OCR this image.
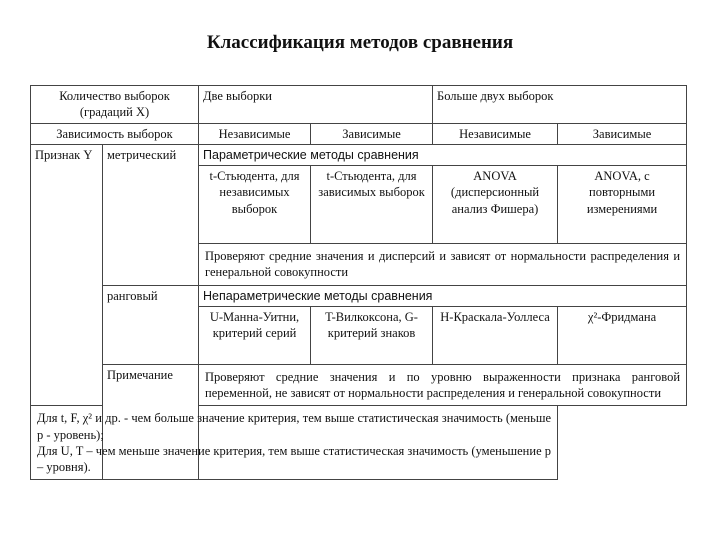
Классификация методов сравнения
Количество выборок (градаций Х)		Две выборки		Больше двух выборок	
Зависимость выборок		Независимые	Зависимые	Независимые	Зависимые
Признак Y	метрический	Параметрические методы сравнения			
		t-Стьюдента, для независимых выборок	t-Стьюдента, для зависимых выборок	ANOVA (дисперсионный анализ Фишера)	ANOVA, с повторными измерениями
		Проверяют средние значения и дисперсий и зависят от нормальности распределения и генеральной совокупности			
	ранговый	Непараметрические методы сравнения			
		U-Манна-Уитни, критерий серий	T-Вилкоксона, G-критерий знаков	H-Краскала-Уоллеса	χ²-Фридмана
	Примечание	Проверяют средние значения и по уровню выраженности признака ранговой переменной, не зависят от нормальности распределения и генеральной совокупности			

Для t, F, χ² и др. - чем больше значение критерия, тем выше статистическая значимость (меньше р - уровень);
Для U, T – чем меньше значение критерия, тем выше статистическая значимость (уменьшение р – уровня).					
